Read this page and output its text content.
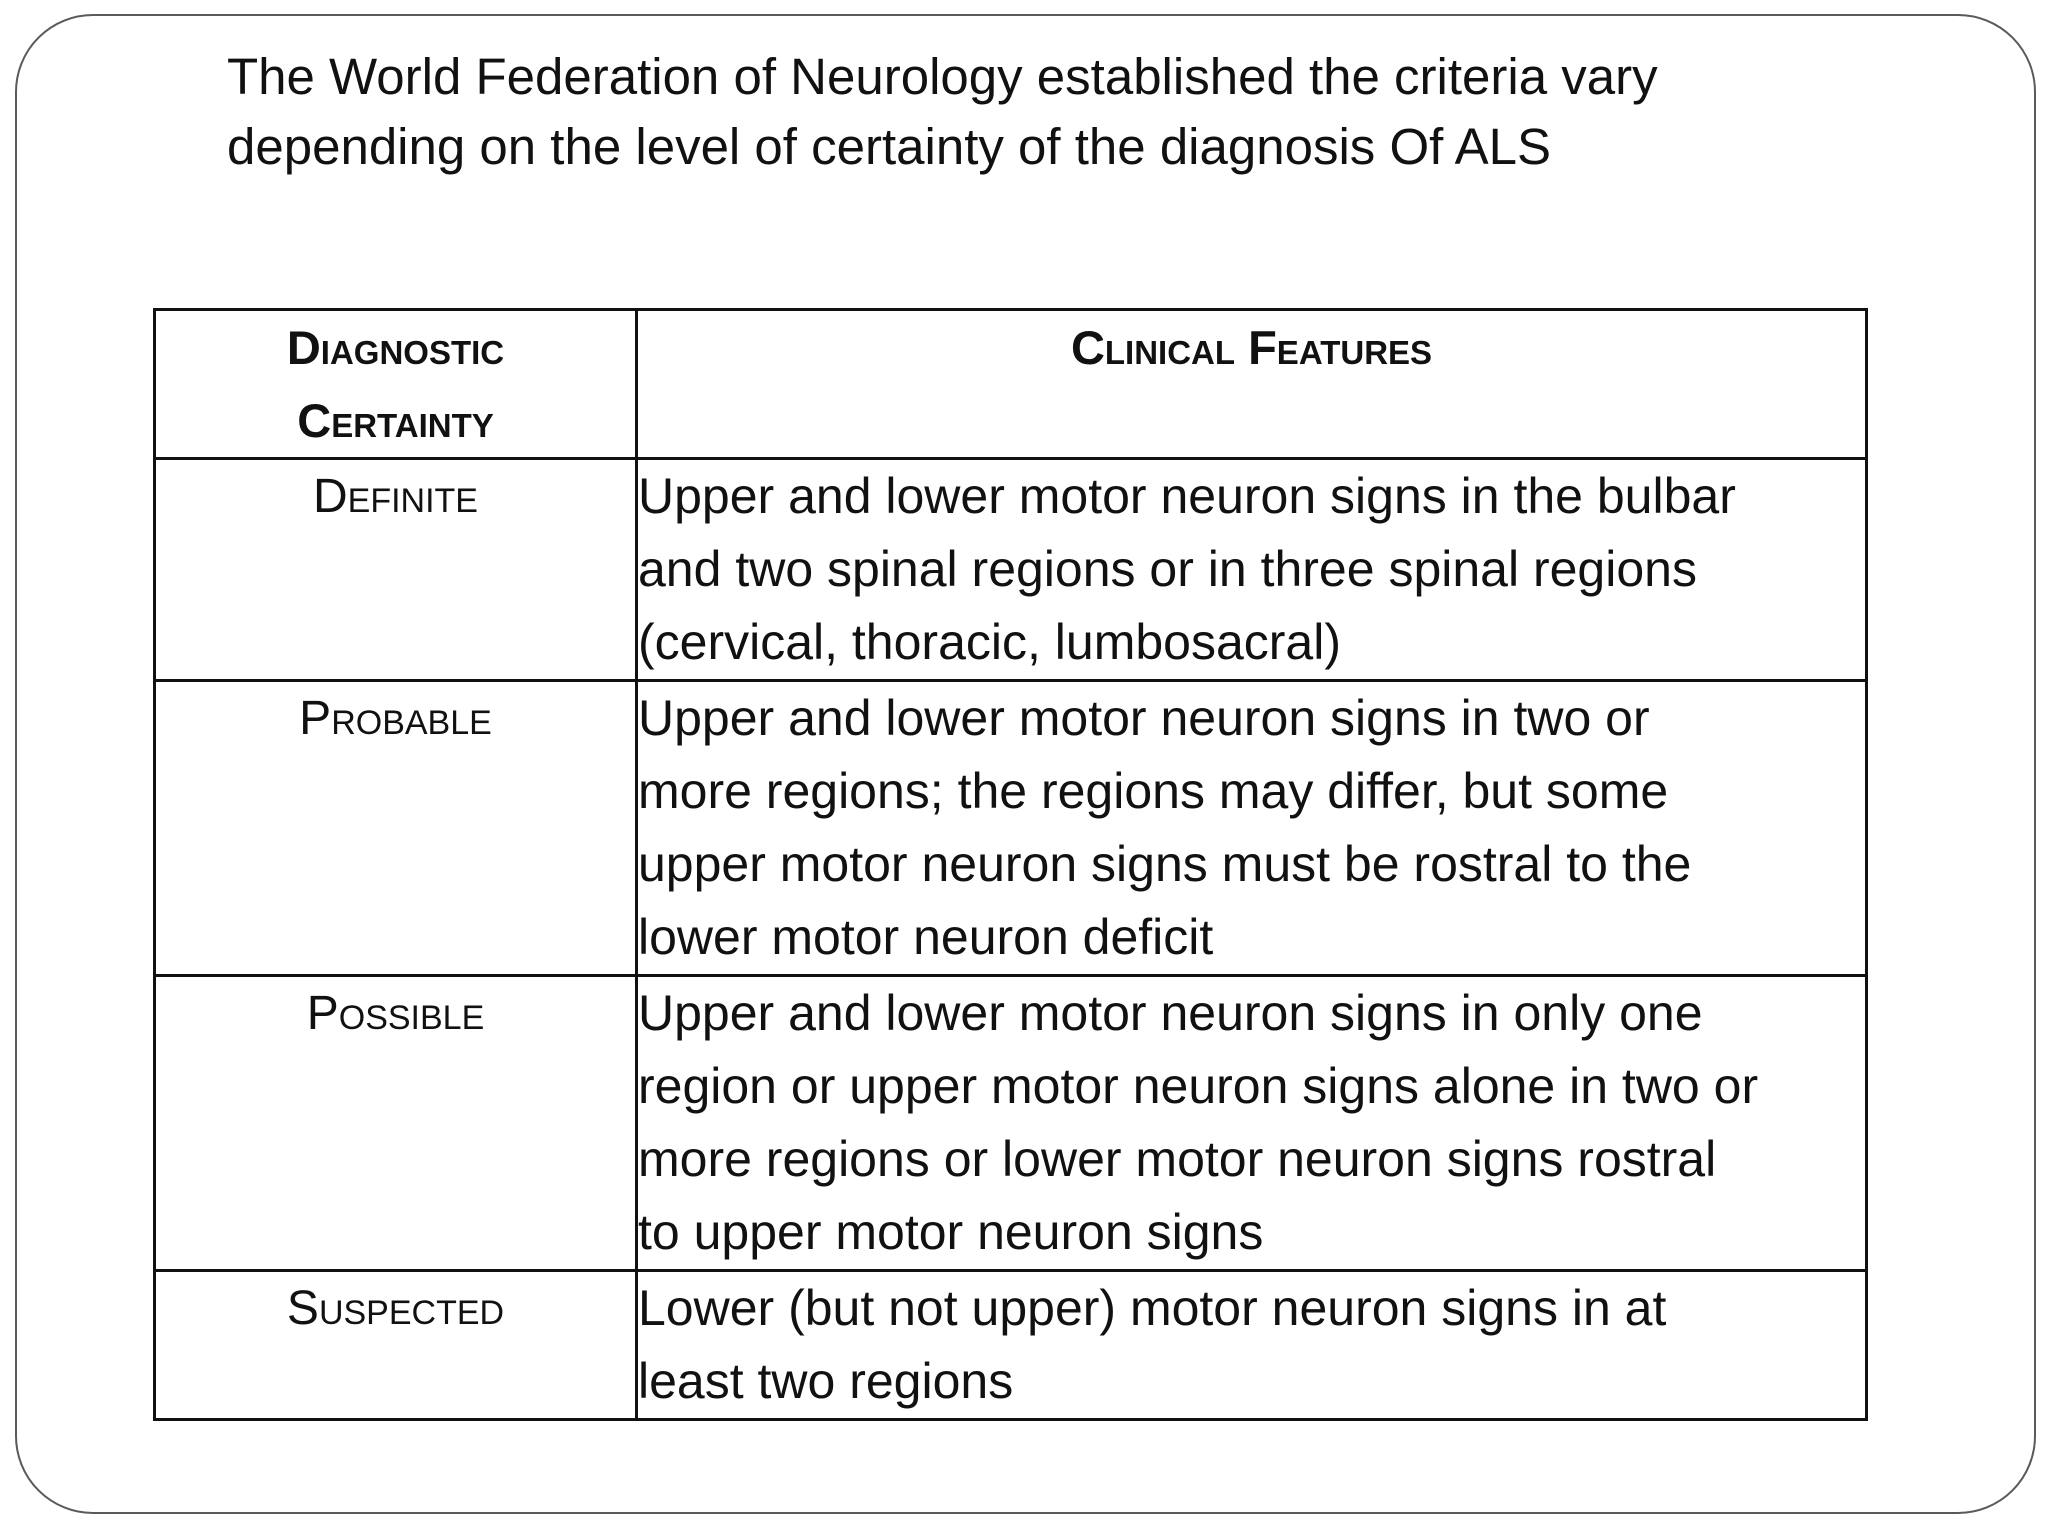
The World Federation of Neurology established the criteria vary
depending on the level of certainty of the diagnosis Of ALS
Diagnostic
Certainty	Clinical Features
Definite	Upper and lower motor neuron signs in the bulbar
and two spinal regions or in three spinal regions
(cervical, thoracic, lumbosacral)

Probable	Upper and lower motor neuron signs in two or
more regions; the regions may differ, but some
upper motor neuron signs must be rostral to the
lower motor neuron deficit

Possible	Upper and lower motor neuron signs in only one
region or upper motor neuron signs alone in two or
more regions or lower motor neuron signs rostral
to upper motor neuron signs

Suspected	Lower (but not upper) motor neuron signs in at
least two regions
